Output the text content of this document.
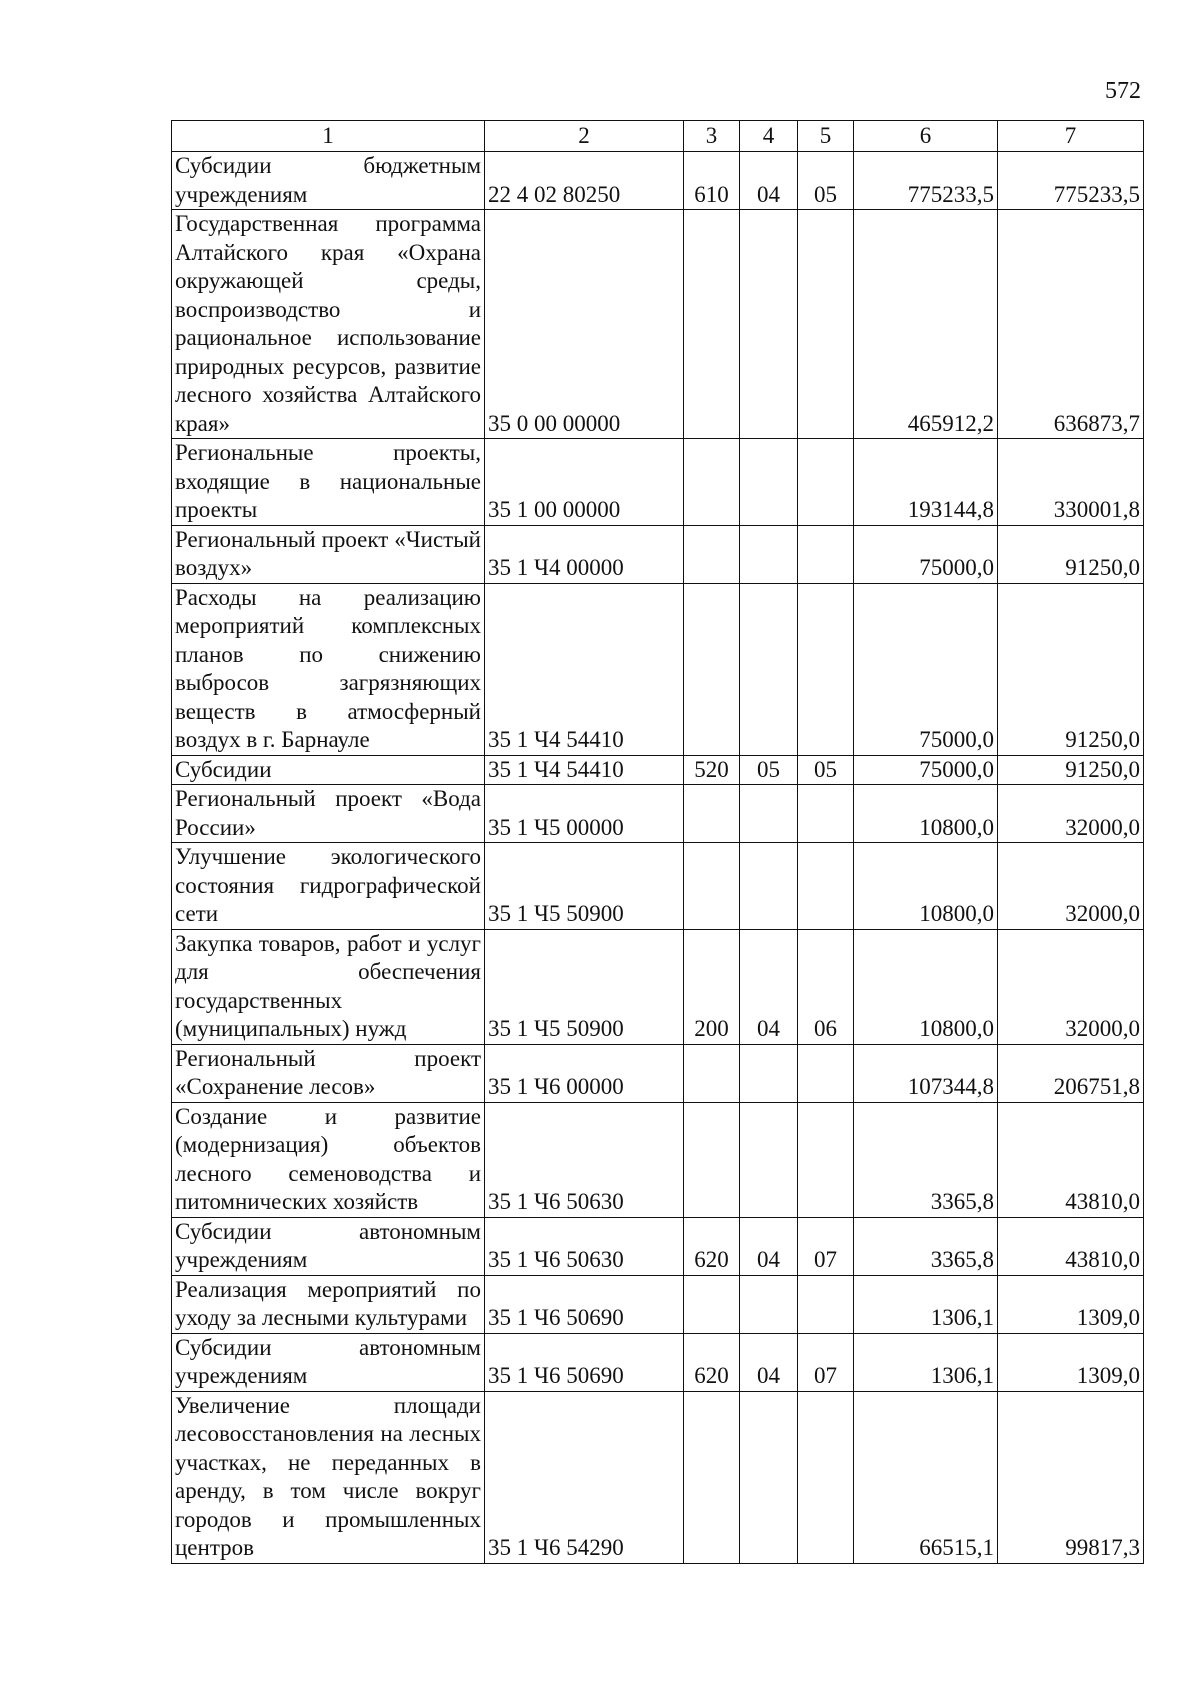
572
1	2	3	4	5	6	7
Субсидии бюджетным учреждениям	22 4 02 80250	610	04	05	775233,5	775233,5
Государственная программа Алтайского края «Охрана окружающей среды, воспроизводство и рациональное использование природных ресурсов, развитие лесного хозяйства Алтайского края»	35 0 00 00000				465912,2	636873,7
Региональные проекты, входящие в национальные проекты	35 1 00 00000				193144,8	330001,8
Региональный проект «Чистый воздух»	35 1 Ч4 00000				75000,0	91250,0
Расходы на реализацию мероприятий комплексных планов по снижению выбросов загрязняющих веществ в атмосферный воздух в г. Барнауле	35 1 Ч4 54410				75000,0	91250,0
Субсидии	35 1 Ч4 54410	520	05	05	75000,0	91250,0
Региональный проект «Вода России»	35 1 Ч5 00000				10800,0	32000,0
Улучшение экологического состояния гидрографической сети	35 1 Ч5 50900				10800,0	32000,0
Закупка товаров, работ и услуг для обеспечения государственных (муниципальных) нужд	35 1 Ч5 50900	200	04	06	10800,0	32000,0
Региональный проект «Сохранение лесов»	35 1 Ч6 00000				107344,8	206751,8
Создание и развитие (модернизация) объектов лесного семеноводства и питомнических хозяйств	35 1 Ч6 50630				3365,8	43810,0
Субсидии автономным учреждениям	35 1 Ч6 50630	620	04	07	3365,8	43810,0
Реализация мероприятий по уходу за лесными культурами	35 1 Ч6 50690				1306,1	1309,0
Субсидии автономным учреждениям	35 1 Ч6 50690	620	04	07	1306,1	1309,0
Увеличение площади лесовосстановления на лесных участках, не переданных в аренду, в том числе вокруг городов и промышленных центров	35 1 Ч6 54290				66515,1	99817,3
